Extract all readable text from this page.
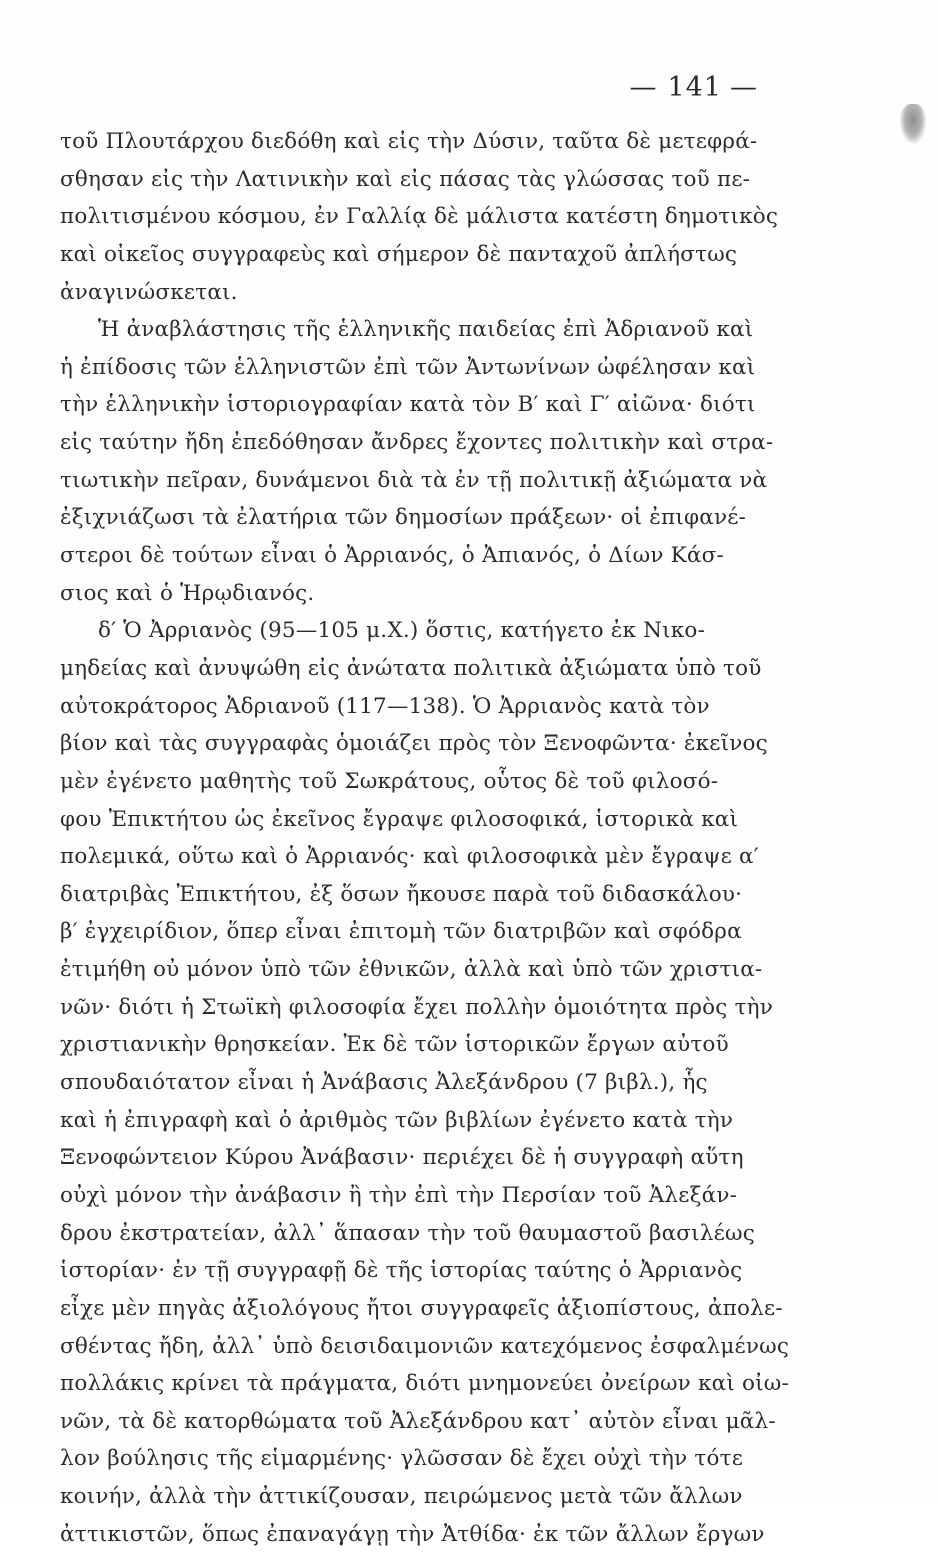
— 141 —
τοῦ Πλουτάρχου διεδόθη καὶ εἰς τὴν Δύσιν, ταῦτα δὲ μετεφρά-
σθησαν εἰς τὴν Λατινικὴν καὶ εἰς πάσας τὰς γλώσσας τοῦ πε-
πολιτισμένου κόσμου, ἐν Γαλλίᾳ δὲ μάλιστα κατέστη δημοτικὸς
καὶ οἰκεῖος συγγραφεὺς καὶ σήμερον δὲ πανταχοῦ ἀπλήστως
ἀναγινώσκεται.
Ἡ ἀναβλάστησις τῆς ἑλληνικῆς παιδείας ἐπὶ Ἀδριανοῦ καὶ
ἡ ἐπίδοσις τῶν ἑλληνιστῶν ἐπὶ τῶν Ἀντωνίνων ὠφέλησαν καὶ
τὴν ἑλληνικὴν ἱστοριογραφίαν κατὰ τὸν Β′ καὶ Γ′ αἰῶνα· διότι
εἰς ταύτην ἤδη ἐπεδόθησαν ἄνδρες ἔχοντες πολιτικὴν καὶ στρα-
τιωτικὴν πεῖραν, δυνάμενοι διὰ τὰ ἐν τῇ πολιτικῇ ἀξιώματα νὰ
ἐξιχνιάζωσι τὰ ἐλατήρια τῶν δημοσίων πράξεων· οἱ ἐπιφανέ-
στεροι δὲ τούτων εἶναι ὁ Ἀρριανός, ὁ Ἀπιανός, ὁ Δίων Κάσ-
σιος καὶ ὁ Ἡρῳδιανός.
δ′ Ὁ Ἀρριανὸς (95—105 μ.Χ.) ὅστις, κατήγετο ἐκ Νικο-
μηδείας καὶ ἀνυψώθη εἰς ἀνώτατα πολιτικὰ ἀξιώματα ὑπὸ τοῦ
αὐτοκράτορος Ἀδριανοῦ (117—138). Ὁ Ἀρριανὸς κατὰ τὸν
βίον καὶ τὰς συγγραφὰς ὁμοιάζει πρὸς τὸν Ξενοφῶντα· ἐκεῖνος
μὲν ἐγένετο μαθητὴς τοῦ Σωκράτους, οὗτος δὲ τοῦ φιλοσό-
φου Ἐπικτήτου ὡς ἐκεῖνος ἔγραψε φιλοσοφικά, ἱστορικὰ καὶ
πολεμικά, οὕτω καὶ ὁ Ἀρριανός· καὶ φιλοσοφικὰ μὲν ἔγραψε α′
διατριβὰς Ἐπικτήτου, ἐξ ὅσων ἤκουσε παρὰ τοῦ διδασκάλου·
β′ ἐγχειρίδιον, ὅπερ εἶναι ἐπιτομὴ τῶν διατριβῶν καὶ σφόδρα
ἐτιμήθη οὐ μόνον ὑπὸ τῶν ἐθνικῶν, ἀλλὰ καὶ ὑπὸ τῶν χριστια-
νῶν· διότι ἡ Στωϊκὴ φιλοσοφία ἔχει πολλὴν ὁμοιότητα πρὸς τὴν
χριστιανικὴν θρησκείαν. Ἐκ δὲ τῶν ἱστορικῶν ἔργων αὐτοῦ
σπουδαιότατον εἶναι ἡ Ἀνάβασις Ἀλεξάνδρου (7 βιβλ.), ἧς
καὶ ἡ ἐπιγραφὴ καὶ ὁ ἀριθμὸς τῶν βιβλίων ἐγένετο κατὰ τὴν
Ξενοφώντειον Κύρου Ἀνάβασιν· περιέχει δὲ ἡ συγγραφὴ αὕτη
οὐχὶ μόνον τὴν ἀνάβασιν ἢ τὴν ἐπὶ τὴν Περσίαν τοῦ Ἀλεξάν-
δρου ἐκστρατείαν, ἀλλ᾽ ἅπασαν τὴν τοῦ θαυμαστοῦ βασιλέως
ἱστορίαν· ἐν τῇ συγγραφῇ δὲ τῆς ἱστορίας ταύτης ὁ Ἀρριανὸς
εἶχε μὲν πηγὰς ἀξιολόγους ἤτοι συγγραφεῖς ἀξιοπίστους, ἀπολε-
σθέντας ἤδη, ἀλλ᾽ ὑπὸ δεισιδαιμονιῶν κατεχόμενος ἐσφαλμένως
πολλάκις κρίνει τὰ πράγματα, διότι μνημονεύει ὀνείρων καὶ οἰω-
νῶν, τὰ δὲ κατορθώματα τοῦ Ἀλεξάνδρου κατ᾽ αὐτὸν εἶναι μᾶλ-
λον βούλησις τῆς εἱμαρμένης· γλῶσσαν δὲ ἔχει οὐχὶ τὴν τότε
κοινήν, ἀλλὰ τὴν ἀττικίζουσαν, πειρώμενος μετὰ τῶν ἄλλων
ἀττικιστῶν, ὅπως ἐπαναγάγῃ τὴν Ἀτθίδα· ἐκ τῶν ἄλλων ἔργων
